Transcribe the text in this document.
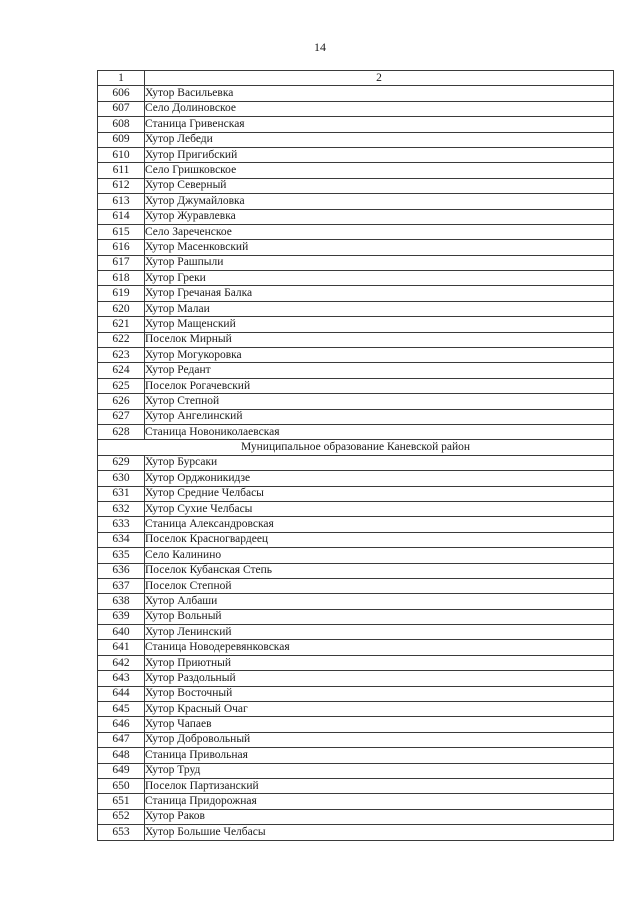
14
1	2
606	Хутор Васильевка
607	Село Долиновское
608	Станица Гривенская
609	Хутор Лебеди
610	Хутор Пригибский
611	Село Гришковское
612	Хутор Северный
613	Хутор Джумайловка
614	Хутор Журавлевка
615	Село Зареченское
616	Хутор Масенковский
617	Хутор Рашпыли
618	Хутор Греки
619	Хутор Гречаная Балка
620	Хутор Малаи
621	Хутор Мащенский
622	Поселок Мирный
623	Хутор Могукоровка
624	Хутор Редант
625	Поселок Рогачевский
626	Хутор Степной
627	Хутор Ангелинский
628	Станица Новониколаевская
Муниципальное образование Каневской район	
629	Хутор Бурсаки
630	Хутор Орджоникидзе
631	Хутор Средние Челбасы
632	Хутор Сухие Челбасы
633	Станица Александровская
634	Поселок Красногвардеец
635	Село Калинино
636	Поселок Кубанская Степь
637	Поселок Степной
638	Хутор Албаши
639	Хутор Вольный
640	Хутор Ленинский
641	Станица Новодеревянковская
642	Хутор Приютный
643	Хутор Раздольный
644	Хутор Восточный
645	Хутор Красный Очаг
646	Хутор Чапаев
647	Хутор Добровольный
648	Станица Привольная
649	Хутор Труд
650	Поселок Партизанский
651	Станица Придорожная
652	Хутор Раков
653	Хутор Большие Челбасы
